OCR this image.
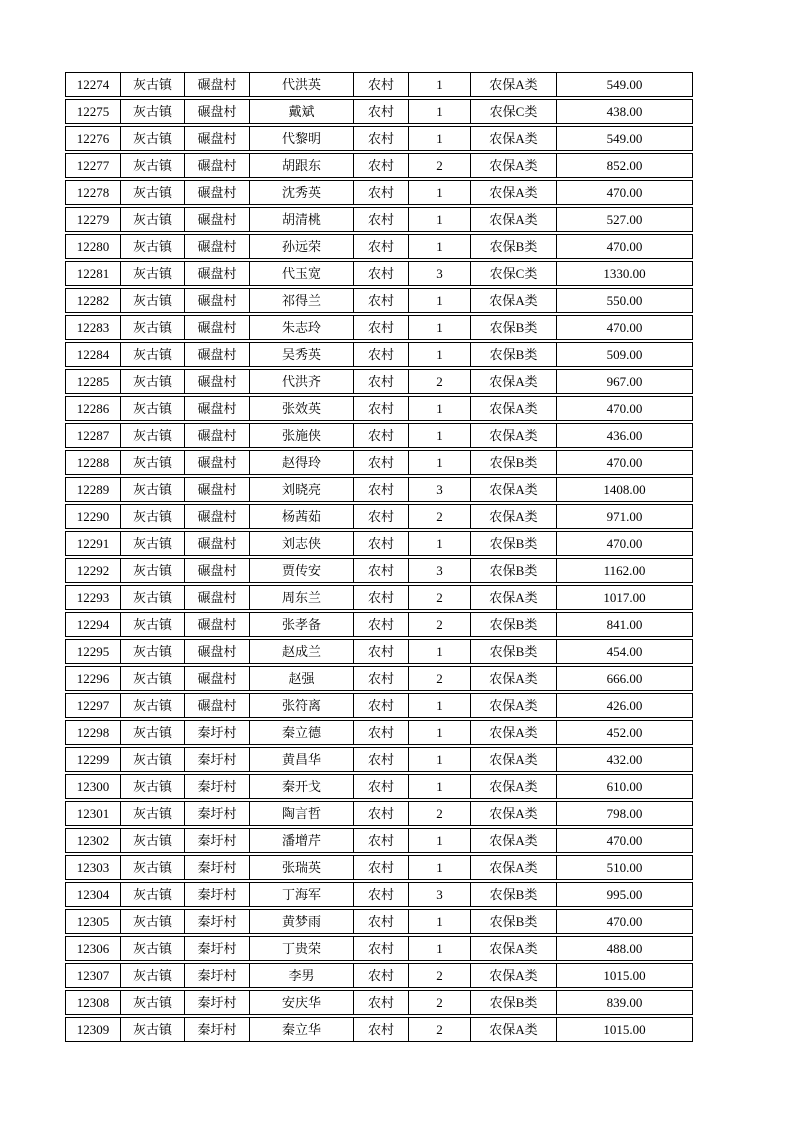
12274	灰古镇	碾盘村	代洪英	农村	1	农保A类	549.00
12275	灰古镇	碾盘村	戴斌	农村	1	农保C类	438.00
12276	灰古镇	碾盘村	代黎明	农村	1	农保A类	549.00
12277	灰古镇	碾盘村	胡跟东	农村	2	农保A类	852.00
12278	灰古镇	碾盘村	沈秀英	农村	1	农保A类	470.00
12279	灰古镇	碾盘村	胡清桃	农村	1	农保A类	527.00
12280	灰古镇	碾盘村	孙远荣	农村	1	农保B类	470.00
12281	灰古镇	碾盘村	代玉宽	农村	3	农保C类	1330.00
12282	灰古镇	碾盘村	祁得兰	农村	1	农保A类	550.00
12283	灰古镇	碾盘村	朱志玲	农村	1	农保B类	470.00
12284	灰古镇	碾盘村	吴秀英	农村	1	农保B类	509.00
12285	灰古镇	碾盘村	代洪齐	农村	2	农保A类	967.00
12286	灰古镇	碾盘村	张效英	农村	1	农保A类	470.00
12287	灰古镇	碾盘村	张施侠	农村	1	农保A类	436.00
12288	灰古镇	碾盘村	赵得玲	农村	1	农保B类	470.00
12289	灰古镇	碾盘村	刘晓亮	农村	3	农保A类	1408.00
12290	灰古镇	碾盘村	杨茜茹	农村	2	农保A类	971.00
12291	灰古镇	碾盘村	刘志侠	农村	1	农保B类	470.00
12292	灰古镇	碾盘村	贾传安	农村	3	农保B类	1162.00
12293	灰古镇	碾盘村	周东兰	农村	2	农保A类	1017.00
12294	灰古镇	碾盘村	张孝备	农村	2	农保B类	841.00
12295	灰古镇	碾盘村	赵成兰	农村	1	农保B类	454.00
12296	灰古镇	碾盘村	赵强	农村	2	农保A类	666.00
12297	灰古镇	碾盘村	张符离	农村	1	农保A类	426.00
12298	灰古镇	秦圩村	秦立德	农村	1	农保A类	452.00
12299	灰古镇	秦圩村	黄昌华	农村	1	农保A类	432.00
12300	灰古镇	秦圩村	秦开戈	农村	1	农保A类	610.00
12301	灰古镇	秦圩村	陶言哲	农村	2	农保A类	798.00
12302	灰古镇	秦圩村	潘增芹	农村	1	农保A类	470.00
12303	灰古镇	秦圩村	张瑞英	农村	1	农保A类	510.00
12304	灰古镇	秦圩村	丁海军	农村	3	农保B类	995.00
12305	灰古镇	秦圩村	黄梦雨	农村	1	农保B类	470.00
12306	灰古镇	秦圩村	丁贵荣	农村	1	农保A类	488.00
12307	灰古镇	秦圩村	李男	农村	2	农保A类	1015.00
12308	灰古镇	秦圩村	安庆华	农村	2	农保B类	839.00
12309	灰古镇	秦圩村	秦立华	农村	2	农保A类	1015.00
